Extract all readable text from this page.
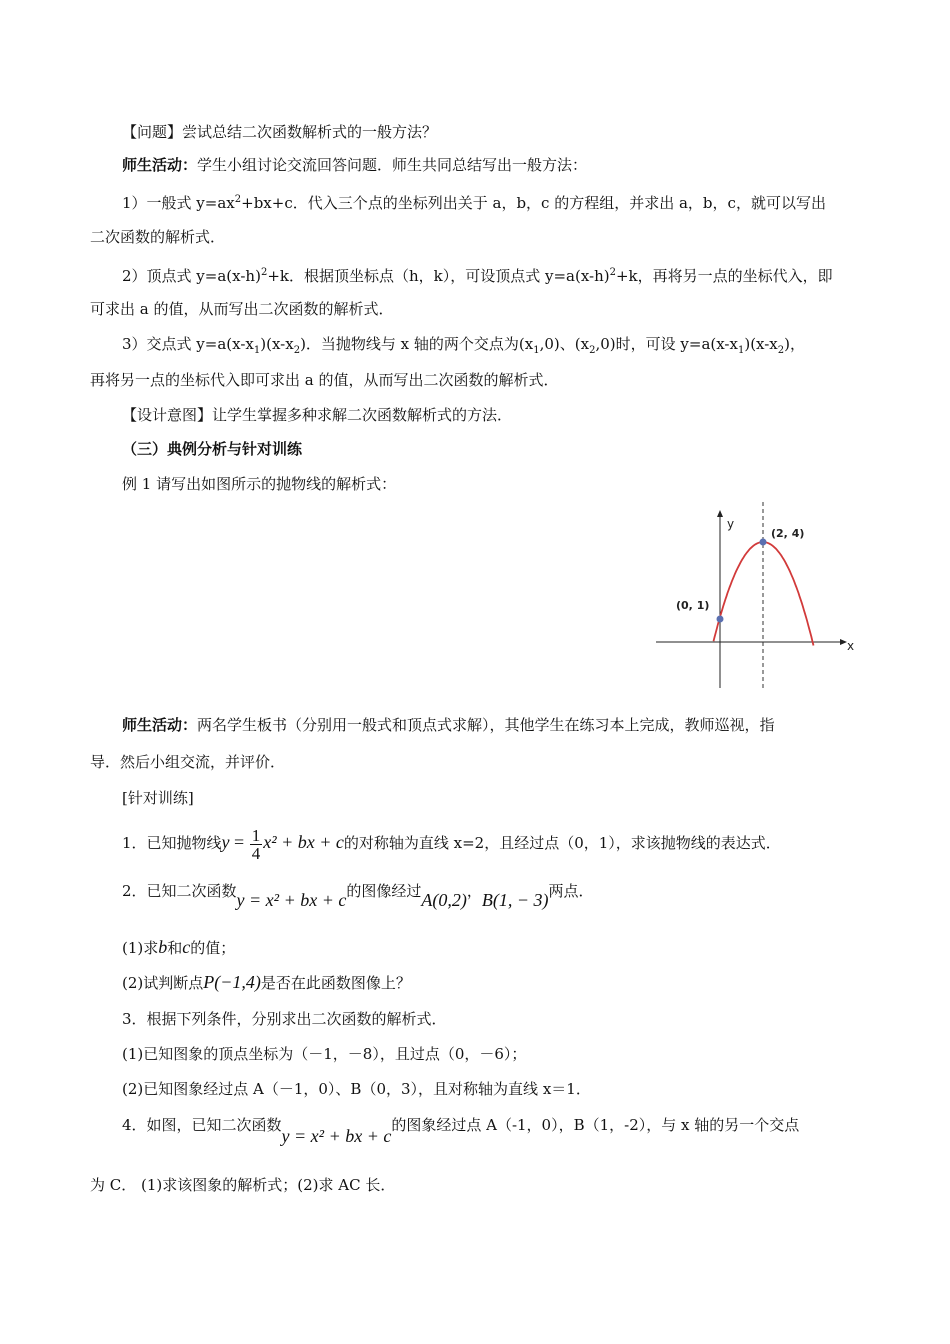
【问题】尝试总结二次函数解析式的一般方法？
师生活动：学生小组讨论交流回答问题．师生共同总结写出一般方法：
1）一般式 $y=ax^2+bx+c$．代入三个点的坐标列出关于 a，b，c 的方程组，并求出 a，b，c，就可以写出
二次函数的解析式．
2）顶点式 $y=a(x-h)^2+k$．根据顶坐标点（h，k），可设顶点式 $y=a(x-h)^2+k$，再将另一点的坐标代入，即
可求出 a 的值，从而写出二次函数的解析式．
3）交点式 $y=a(x-x_1)(x-x_2)$．当抛物线与 x 轴的两个交点为$(x_1,0)$、$(x_2,0)$时，可设 $y=a(x-x_1)(x-x_2)$，
再将另一点的坐标代入即可求出 a 的值，从而写出二次函数的解析式．
【设计意图】让学生掌握多种求解二次函数解析式的方法．
（三）典例分析与针对训练
例 1 请写出如图所示的抛物线的解析式：
(2, 4)
(0, 1)
x
y
师生活动：两名学生板书（分别用一般式和顶点式求解），其他学生在练习本上完成，教师巡视，指
导．然后小组交流，并评价．
[针对训练]
1．已知抛物线$y = \frac{1}{4} x^2$ + bx + c的对称轴为直线 x=2，且经过点（0，1），求该抛物线的表达式．
2．已知二次函数y = x² + bx + c的图像经过A(0,2)，B(1, − 3)两点．
(1)求b和c的值；
(2)试判断点P(−1,4)是否在此函数图像上？
3．根据下列条件，分别求出二次函数的解析式．
(1)已知图象的顶点坐标为（－1，－8），且过点（0，－6）；
(2)已知图象经过点 A（－1，0）、B（0，3），且对称轴为直线 x＝1．
4．如图，已知二次函数y = x² + bx + c的图象经过点 A（-1，0），B（1，-2），与 x 轴的另一个交点
为 C． (1)求该图象的解析式；(2)求 AC 长．
